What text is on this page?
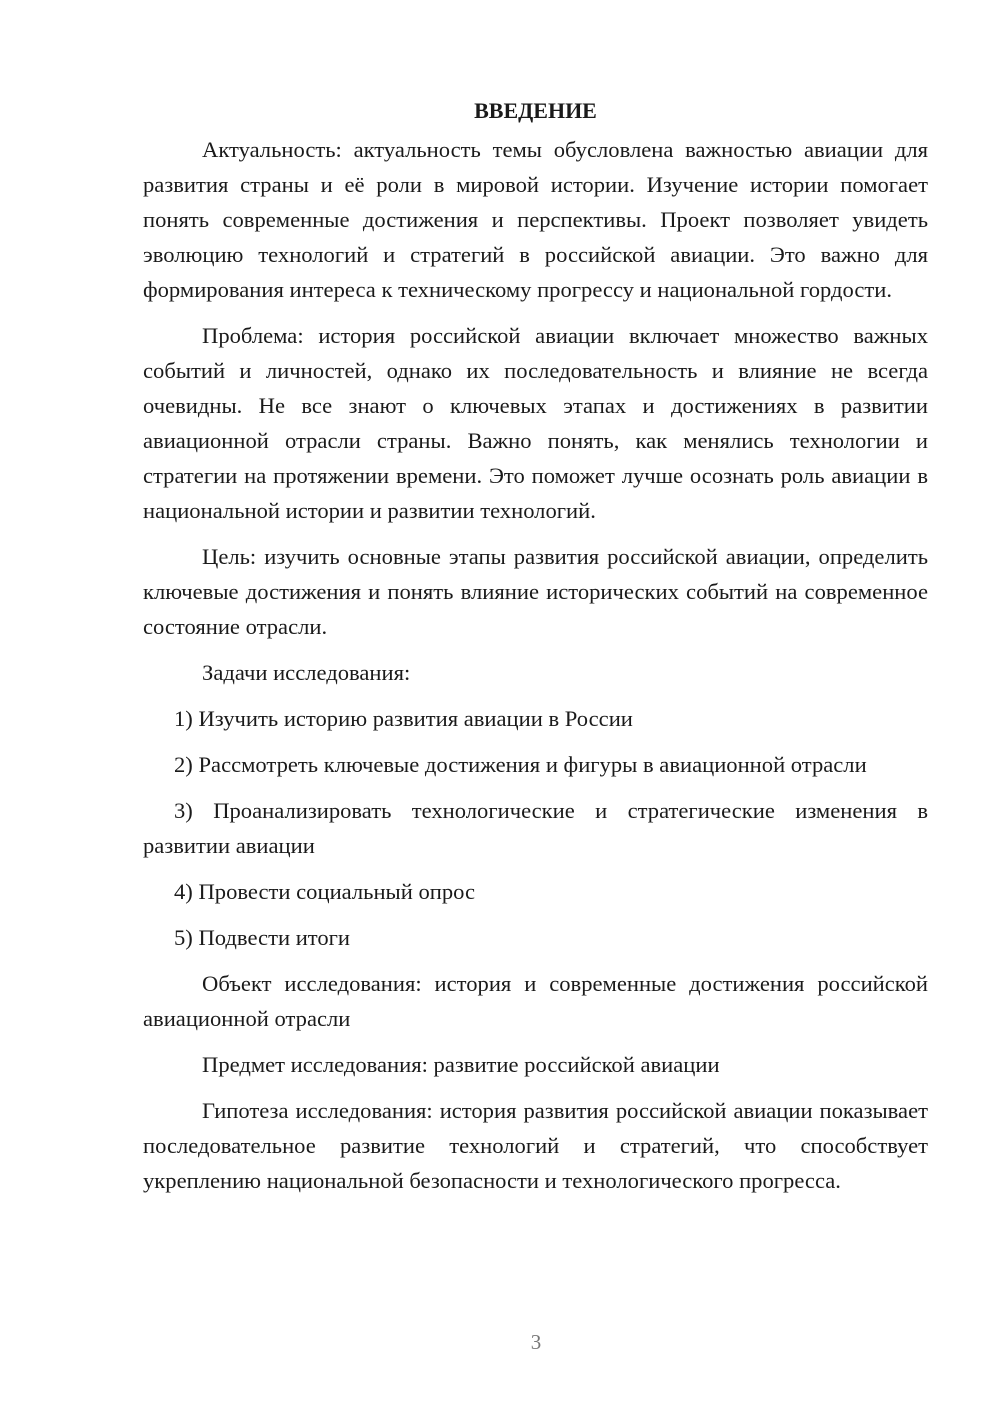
ВВЕДЕНИЕ

Актуальность: актуальность темы обусловлена важностью авиации для развития страны и её роли в мировой истории. Изучение истории помогает понять современные достижения и перспективы. Проект позволяет увидеть эволюцию технологий и стратегий в российской авиации. Это важно для формирования интереса к техническому прогрессу и национальной гордости.

Проблема: история российской авиации включает множество важных событий и личностей, однако их последовательность и влияние не всегда очевидны. Не все знают о ключевых этапах и достижениях в развитии авиационной отрасли страны. Важно понять, как менялись технологии и стратегии на протяжении времени. Это поможет лучше осознать роль авиации в национальной истории и развитии технологий.

Цель: изучить основные этапы развития российской авиации, определить ключевые достижения и понять влияние исторических событий на современное состояние отрасли.

Задачи исследования:

1) Изучить историю развития авиации в России

2) Рассмотреть ключевые достижения и фигуры в авиационной отрасли

3) Проанализировать технологические и стратегические изменения в развитии авиации

4) Провести социальный опрос

5) Подвести итоги

Объект исследования: история и современные достижения российской авиационной отрасли

Предмет исследования: развитие российской авиации

Гипотеза исследования: история развития российской авиации показывает последовательное развитие технологий и стратегий, что способствует укреплению национальной безопасности и технологического прогресса.

3
